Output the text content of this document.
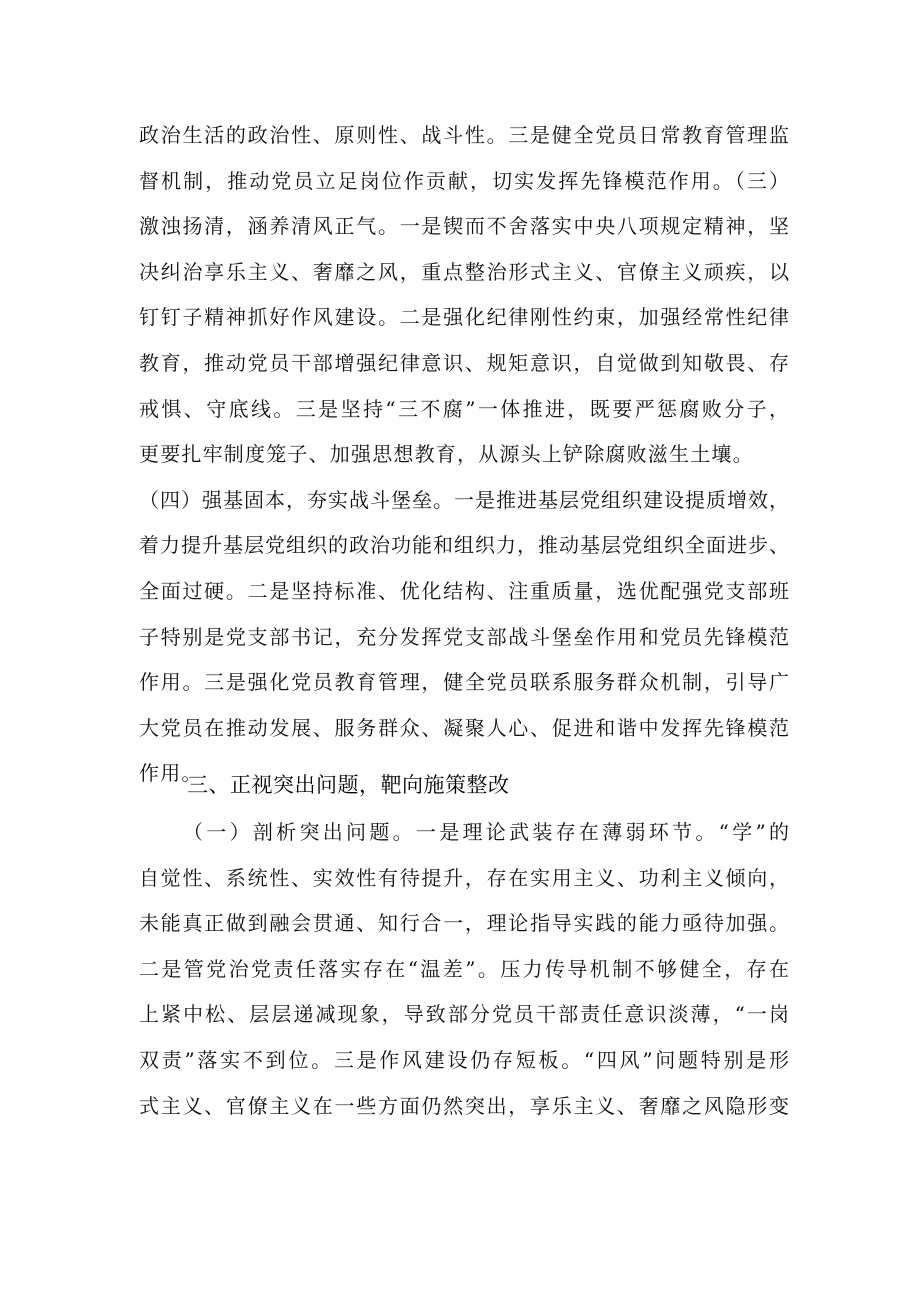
政治生活的政治性、原则性、战斗性。三是健全党员日常教育管理监
督机制，推动党员立足岗位作贡献，切实发挥先锋模范作用。（三）
激浊扬清，涵养清风正气。一是锲而不舍落实中央八项规定精神，坚
决纠治享乐主义、奢靡之风，重点整治形式主义、官僚主义顽疾，以
钉钉子精神抓好作风建设。二是强化纪律刚性约束，加强经常性纪律
教育，推动党员干部增强纪律意识、规矩意识，自觉做到知敬畏、存
戒惧、守底线。三是坚持“三不腐”一体推进，既要严惩腐败分子，
更要扎牢制度笼子、加强思想教育，从源头上铲除腐败滋生土壤。
（四）强基固本，夯实战斗堡垒。一是推进基层党组织建设提质增效，
着力提升基层党组织的政治功能和组织力，推动基层党组织全面进步、
全面过硬。二是坚持标准、优化结构、注重质量，选优配强党支部班
子特别是党支部书记，充分发挥党支部战斗堡垒作用和党员先锋模范
作用。三是强化党员教育管理，健全党员联系服务群众机制，引导广
大党员在推动发展、服务群众、凝聚人心、促进和谐中发挥先锋模范
作用。
三、正视突出问题，靶向施策整改
（一）剖析突出问题。一是理论武装存在薄弱环节。“学”的
自觉性、系统性、实效性有待提升，存在实用主义、功利主义倾向，
未能真正做到融会贯通、知行合一，理论指导实践的能力亟待加强。
二是管党治党责任落实存在“温差”。压力传导机制不够健全，存在
上紧中松、层层递减现象，导致部分党员干部责任意识淡薄，“一岗
双责”落实不到位。三是作风建设仍存短板。“四风”问题特别是形
式主义、官僚主义在一些方面仍然突出，享乐主义、奢靡之风隐形变
